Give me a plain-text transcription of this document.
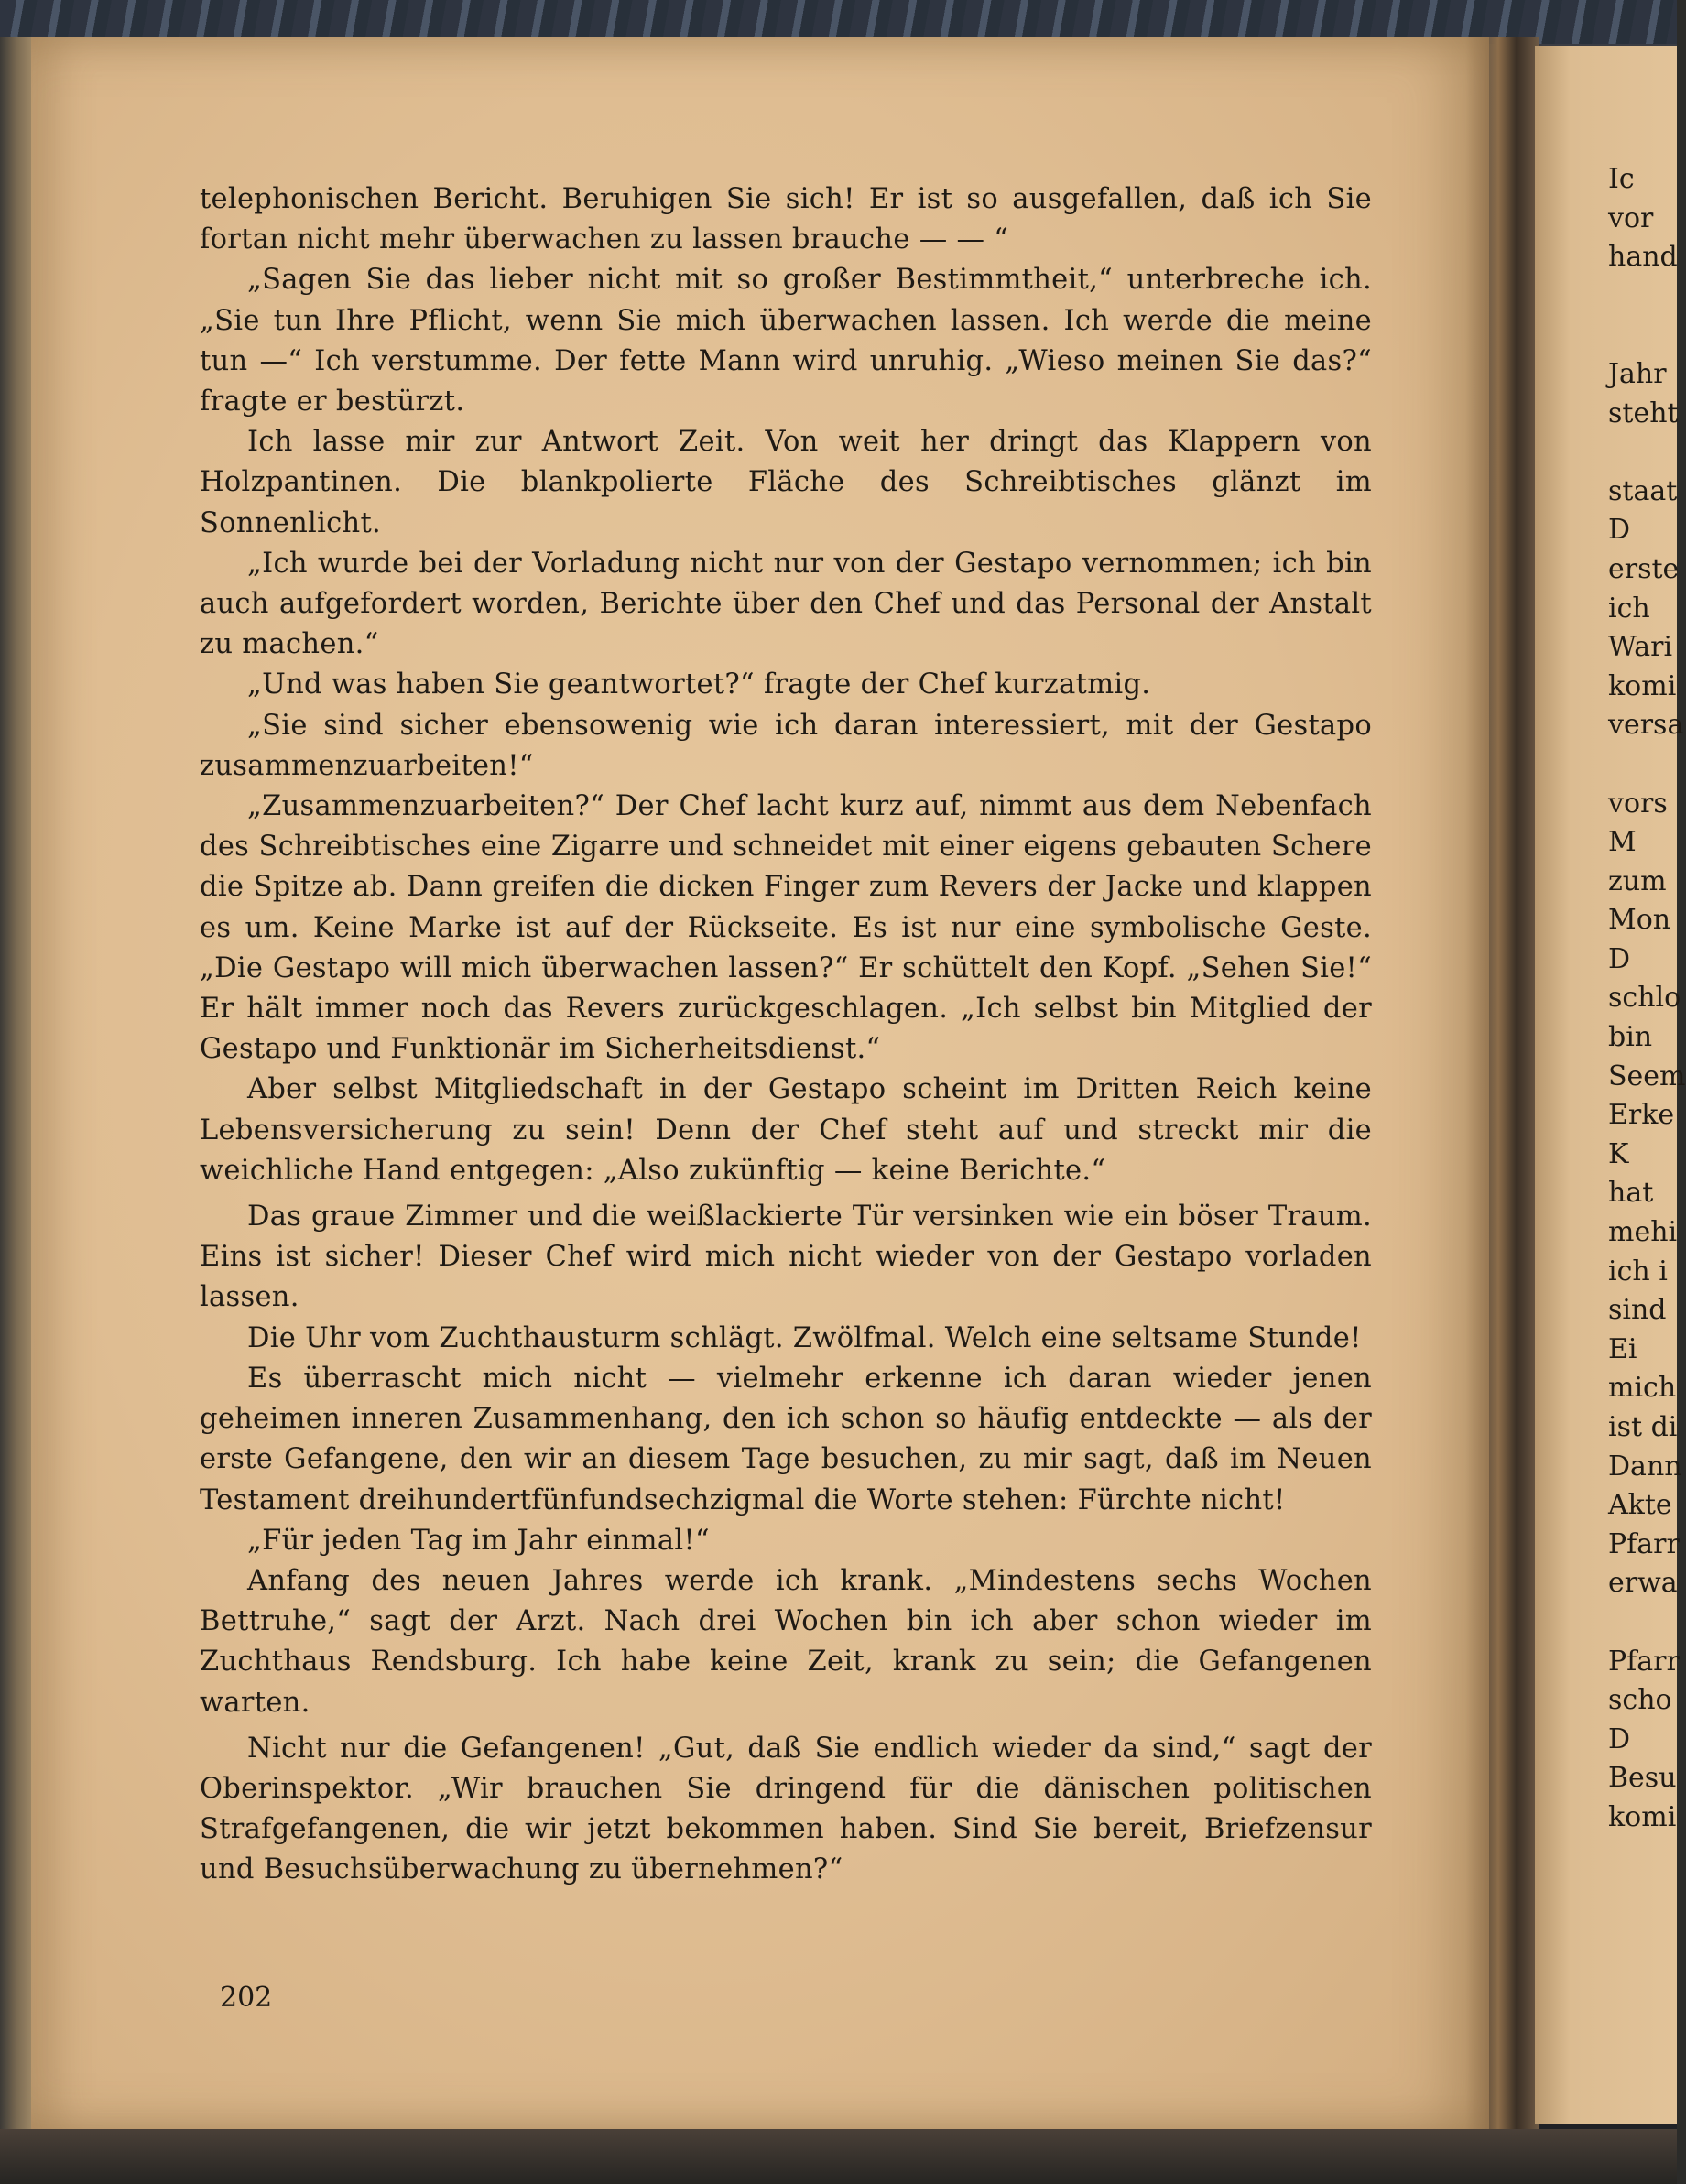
telephonischen Bericht. Beruhigen Sie sich! Er ist so ausgefallen, daß ich Sie fortan nicht mehr überwachen zu lassen brauche — — “

„Sagen Sie das lieber nicht mit so großer Bestimmtheit,“ unterbreche ich. „Sie tun Ihre Pflicht, wenn Sie mich überwachen lassen. Ich werde die meine tun —“ Ich verstumme. Der fette Mann wird unruhig. „Wieso meinen Sie das?“ fragte er bestürzt.

Ich lasse mir zur Antwort Zeit. Von weit her dringt das Klappern von Holzpantinen. Die blankpolierte Fläche des Schreibtisches glänzt im Sonnenlicht.

„Ich wurde bei der Vorladung nicht nur von der Gestapo vernommen; ich bin auch aufgefordert worden, Berichte über den Chef und das Personal der Anstalt zu machen.“

„Und was haben Sie geantwortet?“ fragte der Chef kurzatmig.

„Sie sind sicher ebensowenig wie ich daran interessiert, mit der Gestapo zusammenzuarbeiten!“

„Zusammenzuarbeiten?“ Der Chef lacht kurz auf, nimmt aus dem Nebenfach des Schreibtisches eine Zigarre und schneidet mit einer eigens gebauten Schere die Spitze ab. Dann greifen die dicken Finger zum Revers der Jacke und klappen es um. Keine Marke ist auf der Rückseite. Es ist nur eine symbolische Geste. „Die Gestapo will mich überwachen lassen?“ Er schüttelt den Kopf. „Sehen Sie!“ Er hält immer noch das Revers zurückgeschlagen. „Ich selbst bin Mitglied der Gestapo und Funktionär im Sicherheitsdienst.“

Aber selbst Mitgliedschaft in der Gestapo scheint im Dritten Reich keine Lebensversicherung zu sein! Denn der Chef steht auf und streckt mir die weichliche Hand entgegen: „Also zukünftig — keine Berichte.“

Das graue Zimmer und die weißlackierte Tür versinken wie ein böser Traum. Eins ist sicher! Dieser Chef wird mich nicht wieder von der Gestapo vorladen lassen.

Die Uhr vom Zuchthausturm schlägt. Zwölfmal. Welch eine seltsame Stunde!

Es überrascht mich nicht — vielmehr erkenne ich daran wieder jenen geheimen inneren Zusammenhang, den ich schon so häufig entdeckte — als der erste Gefangene, den wir an diesem Tage besuchen, zu mir sagt, daß im Neuen Testament dreihundertfünfundsechzigmal die Worte stehen: Fürchte nicht!

„Für jeden Tag im Jahr einmal!“

Anfang des neuen Jahres werde ich krank. „Mindestens sechs Wochen Bettruhe,“ sagt der Arzt. Nach drei Wochen bin ich aber schon wieder im Zuchthaus Rendsburg. Ich habe keine Zeit, krank zu sein; die Gefangenen warten.

Nicht nur die Gefangenen! „Gut, daß Sie endlich wieder da sind,“ sagt der Oberinspektor. „Wir brauchen Sie dringend für die dänischen politischen Strafgefangenen, die wir jetzt bekommen haben. Sind Sie bereit, Briefzensur und Besuchsüberwachung zu übernehmen?“

202
Ic
vor
hand
Jahr
steht
staat
D
erste
ich
Wari
komi
versa
vors
M
zum
Mon
D
schlo
bin
Seem
Erke
K
hat
mehi
ich i
sind
Ei
mich
ist di
Dann
Akte
Pfarr
erwa
Pfarr
scho
D
Besu
komi
